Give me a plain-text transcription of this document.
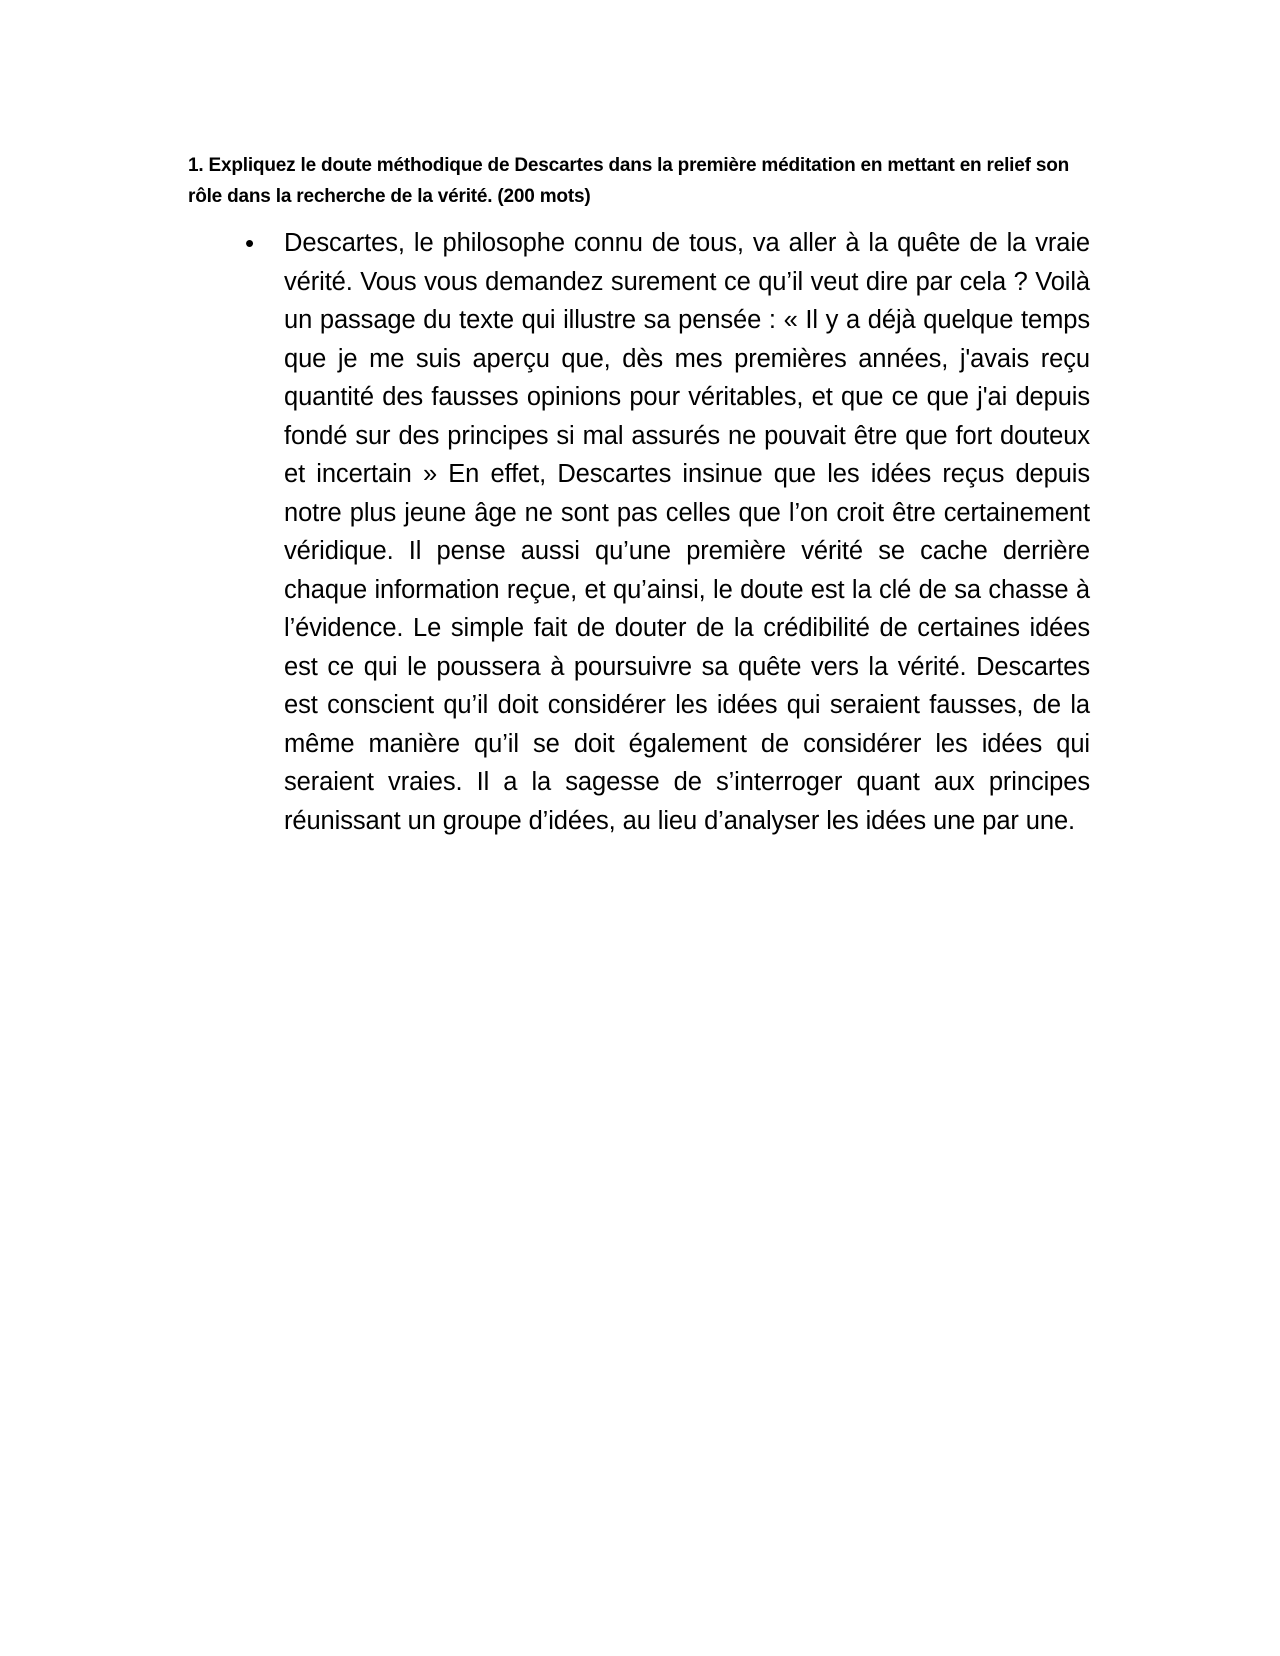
1. Expliquez le doute méthodique de Descartes dans la première méditation en mettant en relief son rôle dans la recherche de la vérité. (200 mots)
• Descartes, le philosophe connu de tous, va aller à la quête de la vraie vérité. Vous vous demandez surement ce qu’il veut dire par cela ? Voilà un passage du texte qui illustre sa pensée : « Il y a déjà quelque temps que je me suis aperçu que, dès mes premières années, j'avais reçu quantité des fausses opinions pour véritables, et que ce que j'ai depuis fondé sur des principes si mal assurés ne pouvait être que fort douteux et incertain » En effet, Descartes insinue que les idées reçus depuis notre plus jeune âge ne sont pas celles que l’on croit être certainement véridique. Il pense aussi qu’une première vérité se cache derrière chaque information reçue, et qu’ainsi, le doute est la clé de sa chasse à l’évidence. Le simple fait de douter de la crédibilité de certaines idées est ce qui le poussera à poursuivre sa quête vers la vérité. Descartes est conscient qu’il doit considérer les idées qui seraient fausses, de la même manière qu’il se doit également de considérer les idées qui seraient vraies. Il a la sagesse de s’interroger quant aux principes réunissant un groupe d’idées, au lieu d’analyser les idées une par une.
